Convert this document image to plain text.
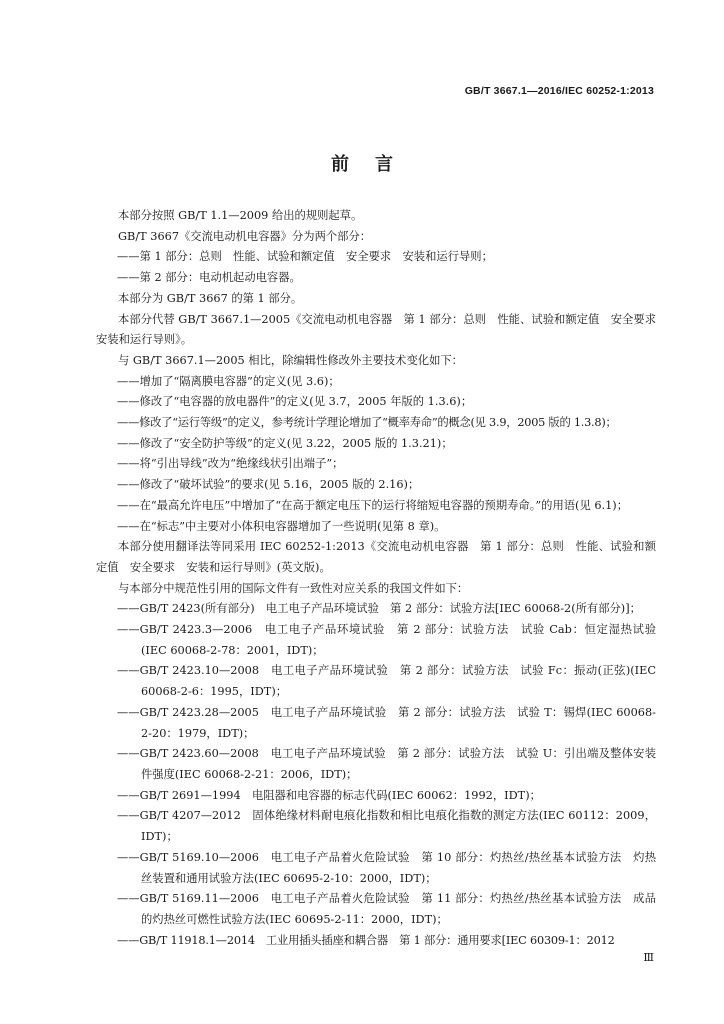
GB/T 3667.1—2016/IEC 60252-1:2013
前言
本部分按照 GB/T 1.1—2009 给出的规则起草。
GB/T 3667《交流电动机电容器》分为两个部分：
——第 1 部分：总则　性能、试验和额定值　安全要求　安装和运行导则；
——第 2 部分：电动机起动电容器。
本部分为 GB/T 3667 的第 1 部分。
本部分代替 GB/T 3667.1—2005《交流电动机电容器　第 1 部分：总则　性能、试验和额定值　安全要求　安装和运行导则》。
与 GB/T 3667.1—2005 相比，除编辑性修改外主要技术变化如下：
——增加了“隔离膜电容器”的定义(见 3.6)；
——修改了“电容器的放电器件”的定义(见 3.7，2005 年版的 1.3.6)；
——修改了“运行等级”的定义，参考统计学理论增加了“概率寿命”的概念(见 3.9，2005 版的 1.3.8)；
——修改了“安全防护等级”的定义(见 3.22，2005 版的 1.3.21)；
——将“引出导线”改为“绝缘线状引出端子”；
——修改了“破坏试验”的要求(见 5.16，2005 版的 2.16)；
——在“最高允许电压”中增加了“在高于额定电压下的运行将缩短电容器的预期寿命。”的用语(见 6.1)；
——在“标志”中主要对小体积电容器增加了一些说明(见第 8 章)。
本部分使用翻译法等同采用 IEC 60252-1:2013《交流电动机电容器　第 1 部分：总则　性能、试验和额定值　安全要求　安装和运行导则》(英文版)。
与本部分中规范性引用的国际文件有一致性对应关系的我国文件如下：
——GB/T 2423(所有部分)　电工电子产品环境试验　第 2 部分：试验方法[IEC 60068-2(所有部分)]；
——GB/T 2423.3—2006　电工电子产品环境试验　第 2 部分：试验方法　试验 Cab：恒定湿热试验(IEC 60068-2-78：2001，IDT)；
——GB/T 2423.10—2008　电工电子产品环境试验　第 2 部分：试验方法　试验 Fc：振动(正弦)(IEC 60068-2-6：1995，IDT)；
——GB/T 2423.28—2005　电工电子产品环境试验　第 2 部分：试验方法　试验 T：锡焊(IEC 60068-2-20：1979，IDT)；
——GB/T 2423.60—2008　电工电子产品环境试验　第 2 部分：试验方法　试验 U：引出端及整体安装件强度(IEC 60068-2-21：2006，IDT)；
——GB/T 2691—1994　电阻器和电容器的标志代码(IEC 60062：1992，IDT)；
——GB/T 4207—2012　固体绝缘材料耐电痕化指数和相比电痕化指数的测定方法(IEC 60112：2009，IDT)；
——GB/T 5169.10—2006　电工电子产品着火危险试验　第 10 部分：灼热丝/热丝基本试验方法　灼热丝装置和通用试验方法(IEC 60695-2-10：2000，IDT)；
——GB/T 5169.11—2006　电工电子产品着火危险试验　第 11 部分：灼热丝/热丝基本试验方法　成品的灼热丝可燃性试验方法(IEC 60695-2-11：2000，IDT)；
——GB/T 11918.1—2014　工业用插头插座和耦合器　第 1 部分：通用要求[IEC 60309-1：2012
Ⅲ
